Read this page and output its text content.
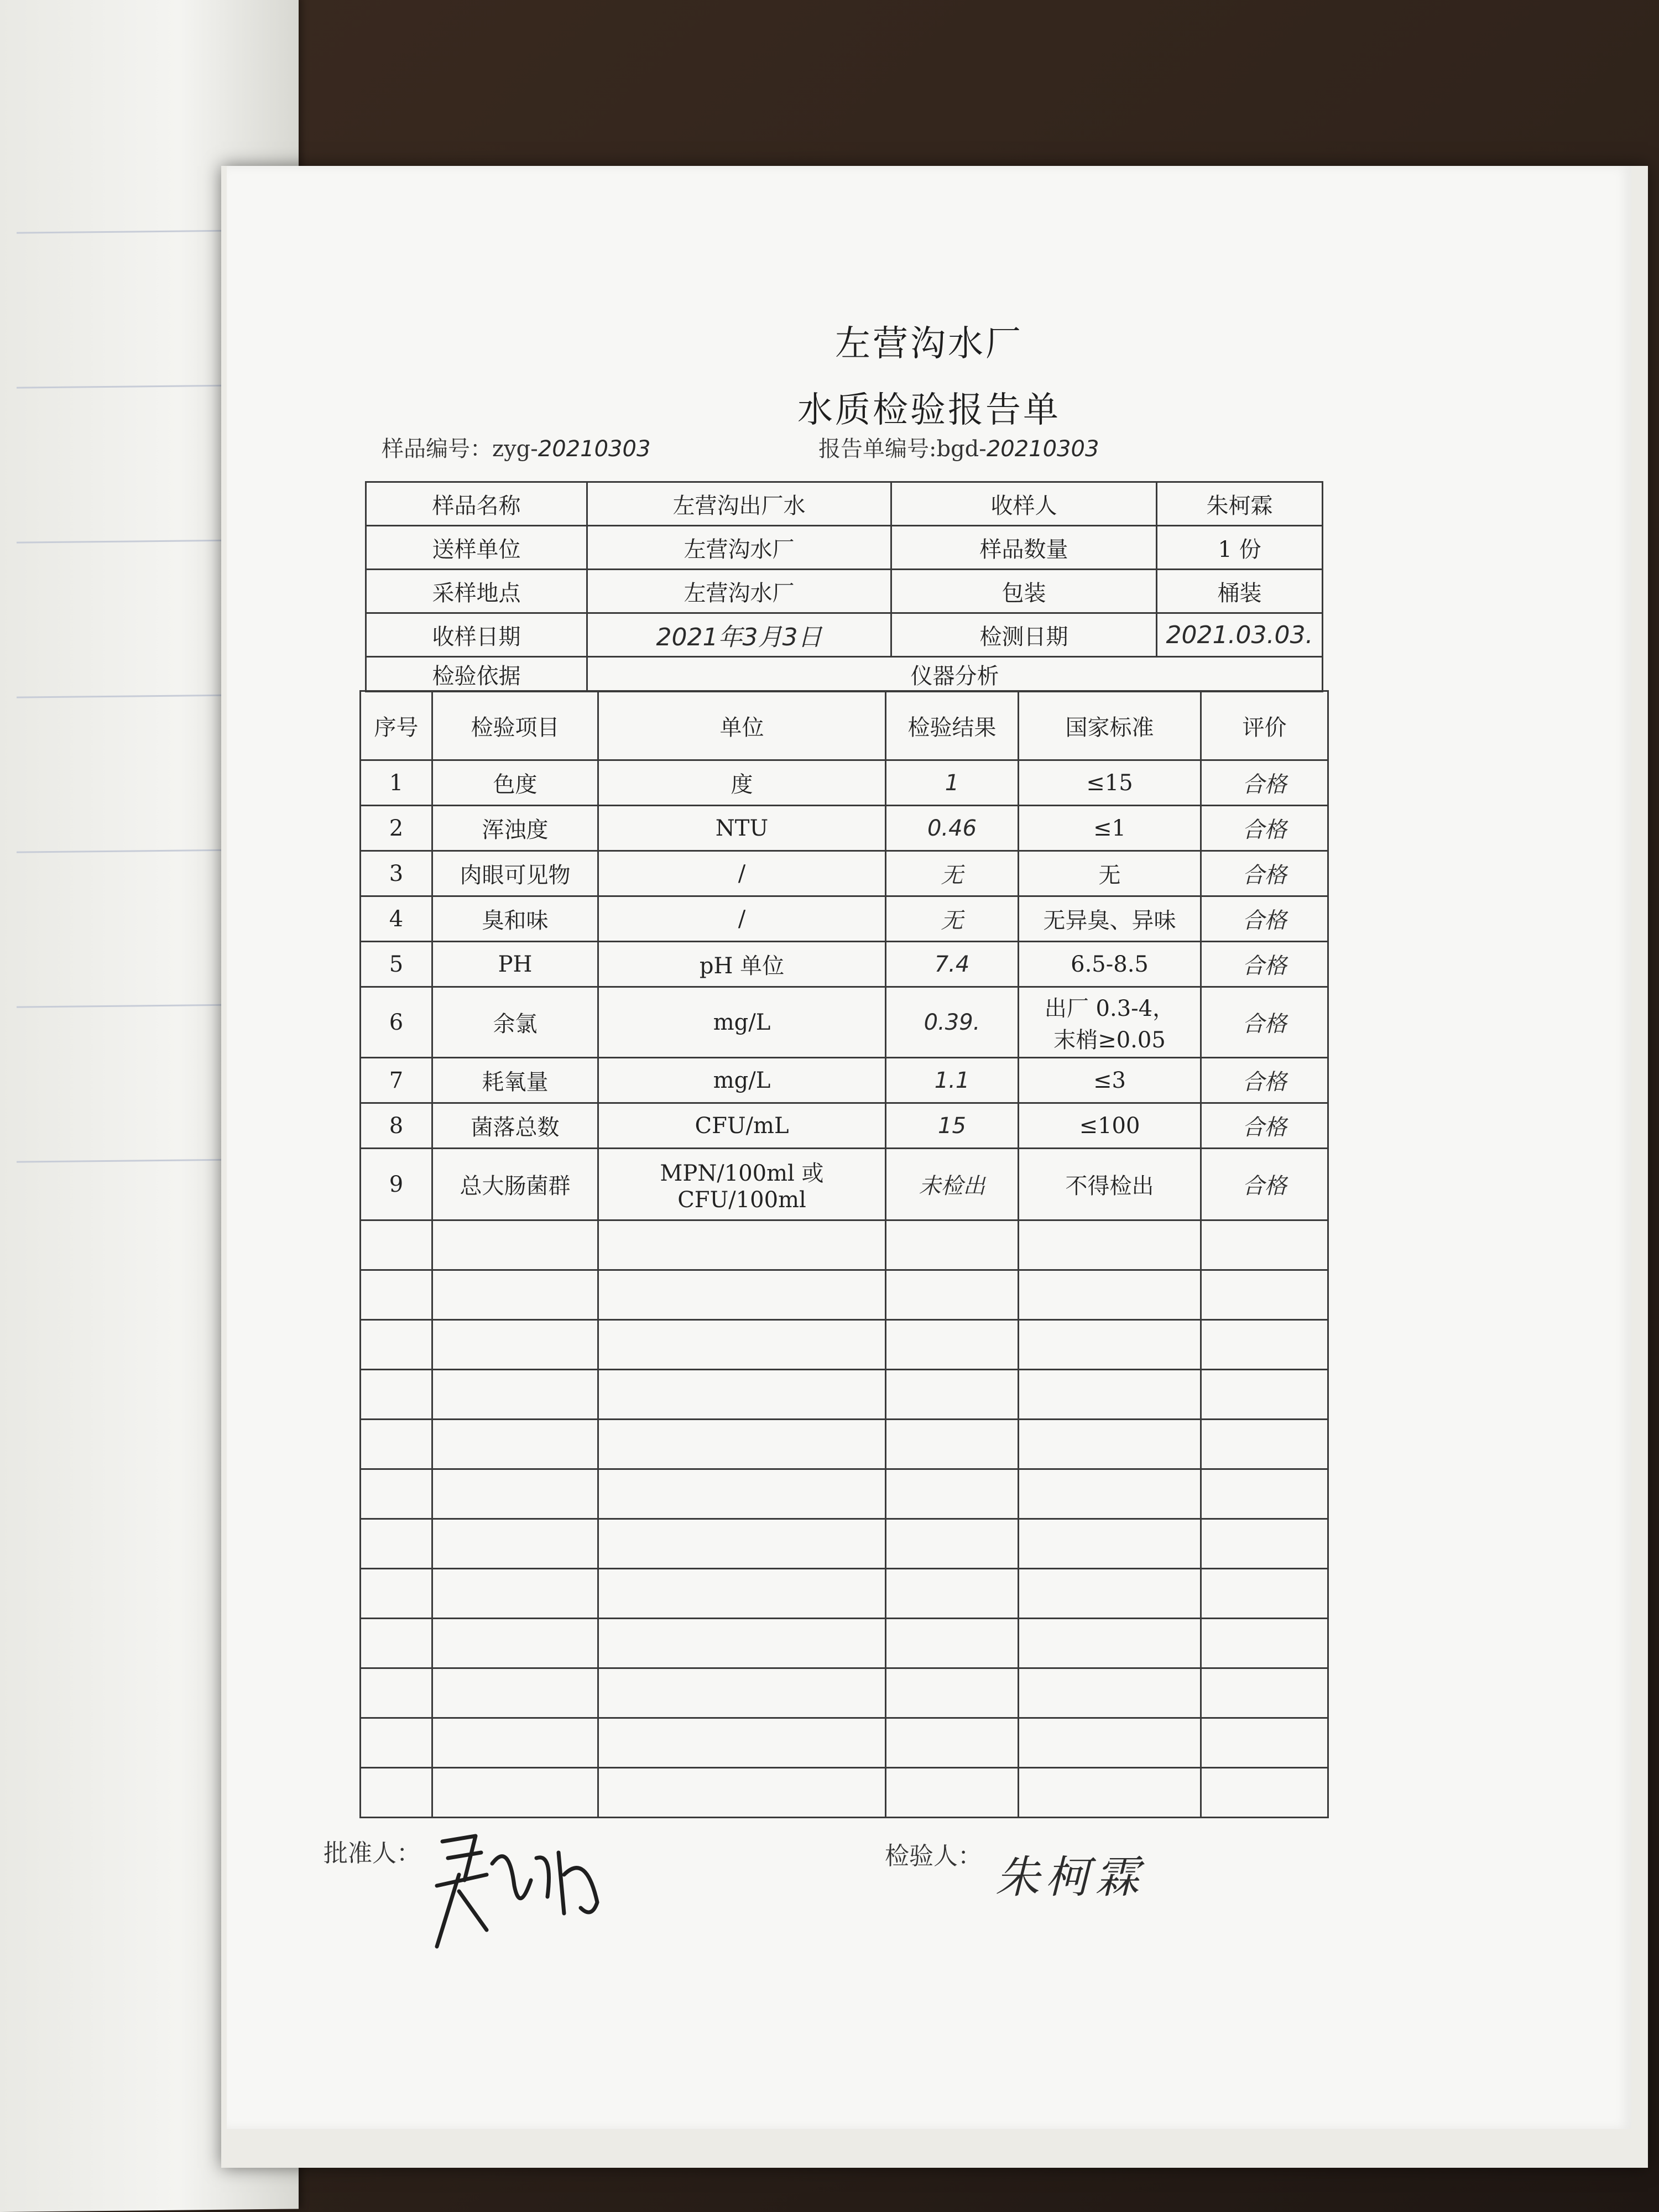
左营沟水厂
水质检验报告单
样品编号：zyg-20210303	报告单编号:bgd-20210303
样品名称	左营沟出厂水	收样人	朱柯霖
送样单位	左营沟水厂	样品数量	1 份
采样地点	左营沟水厂	包装	桶装
收样日期	2021年3月3日	检测日期	2021.03.03.
检验依据	仪器分析		
序号	检验项目	单位	检验结果	国家标准	评价
1	色度	度	1	≤15	合格
2	浑浊度	NTU	0.46	≤1	合格
3	肉眼可见物	/	无	无	合格
4	臭和味	/	无	无异臭、异味	合格
5	PH	pH 单位	7.4	6.5-8.5	合格
6	余氯	mg/L	0.39.	出厂 0.3-4，
末梢≥0.05	合格
7	耗氧量	mg/L	1.1	≤3	合格
8	菌落总数	CFU/mL	15	≤100	合格
9	总大肠菌群	MPN/100ml 或
CFU/100ml	未检出	不得检出	合格

批准人：	检验人： 朱柯霖
